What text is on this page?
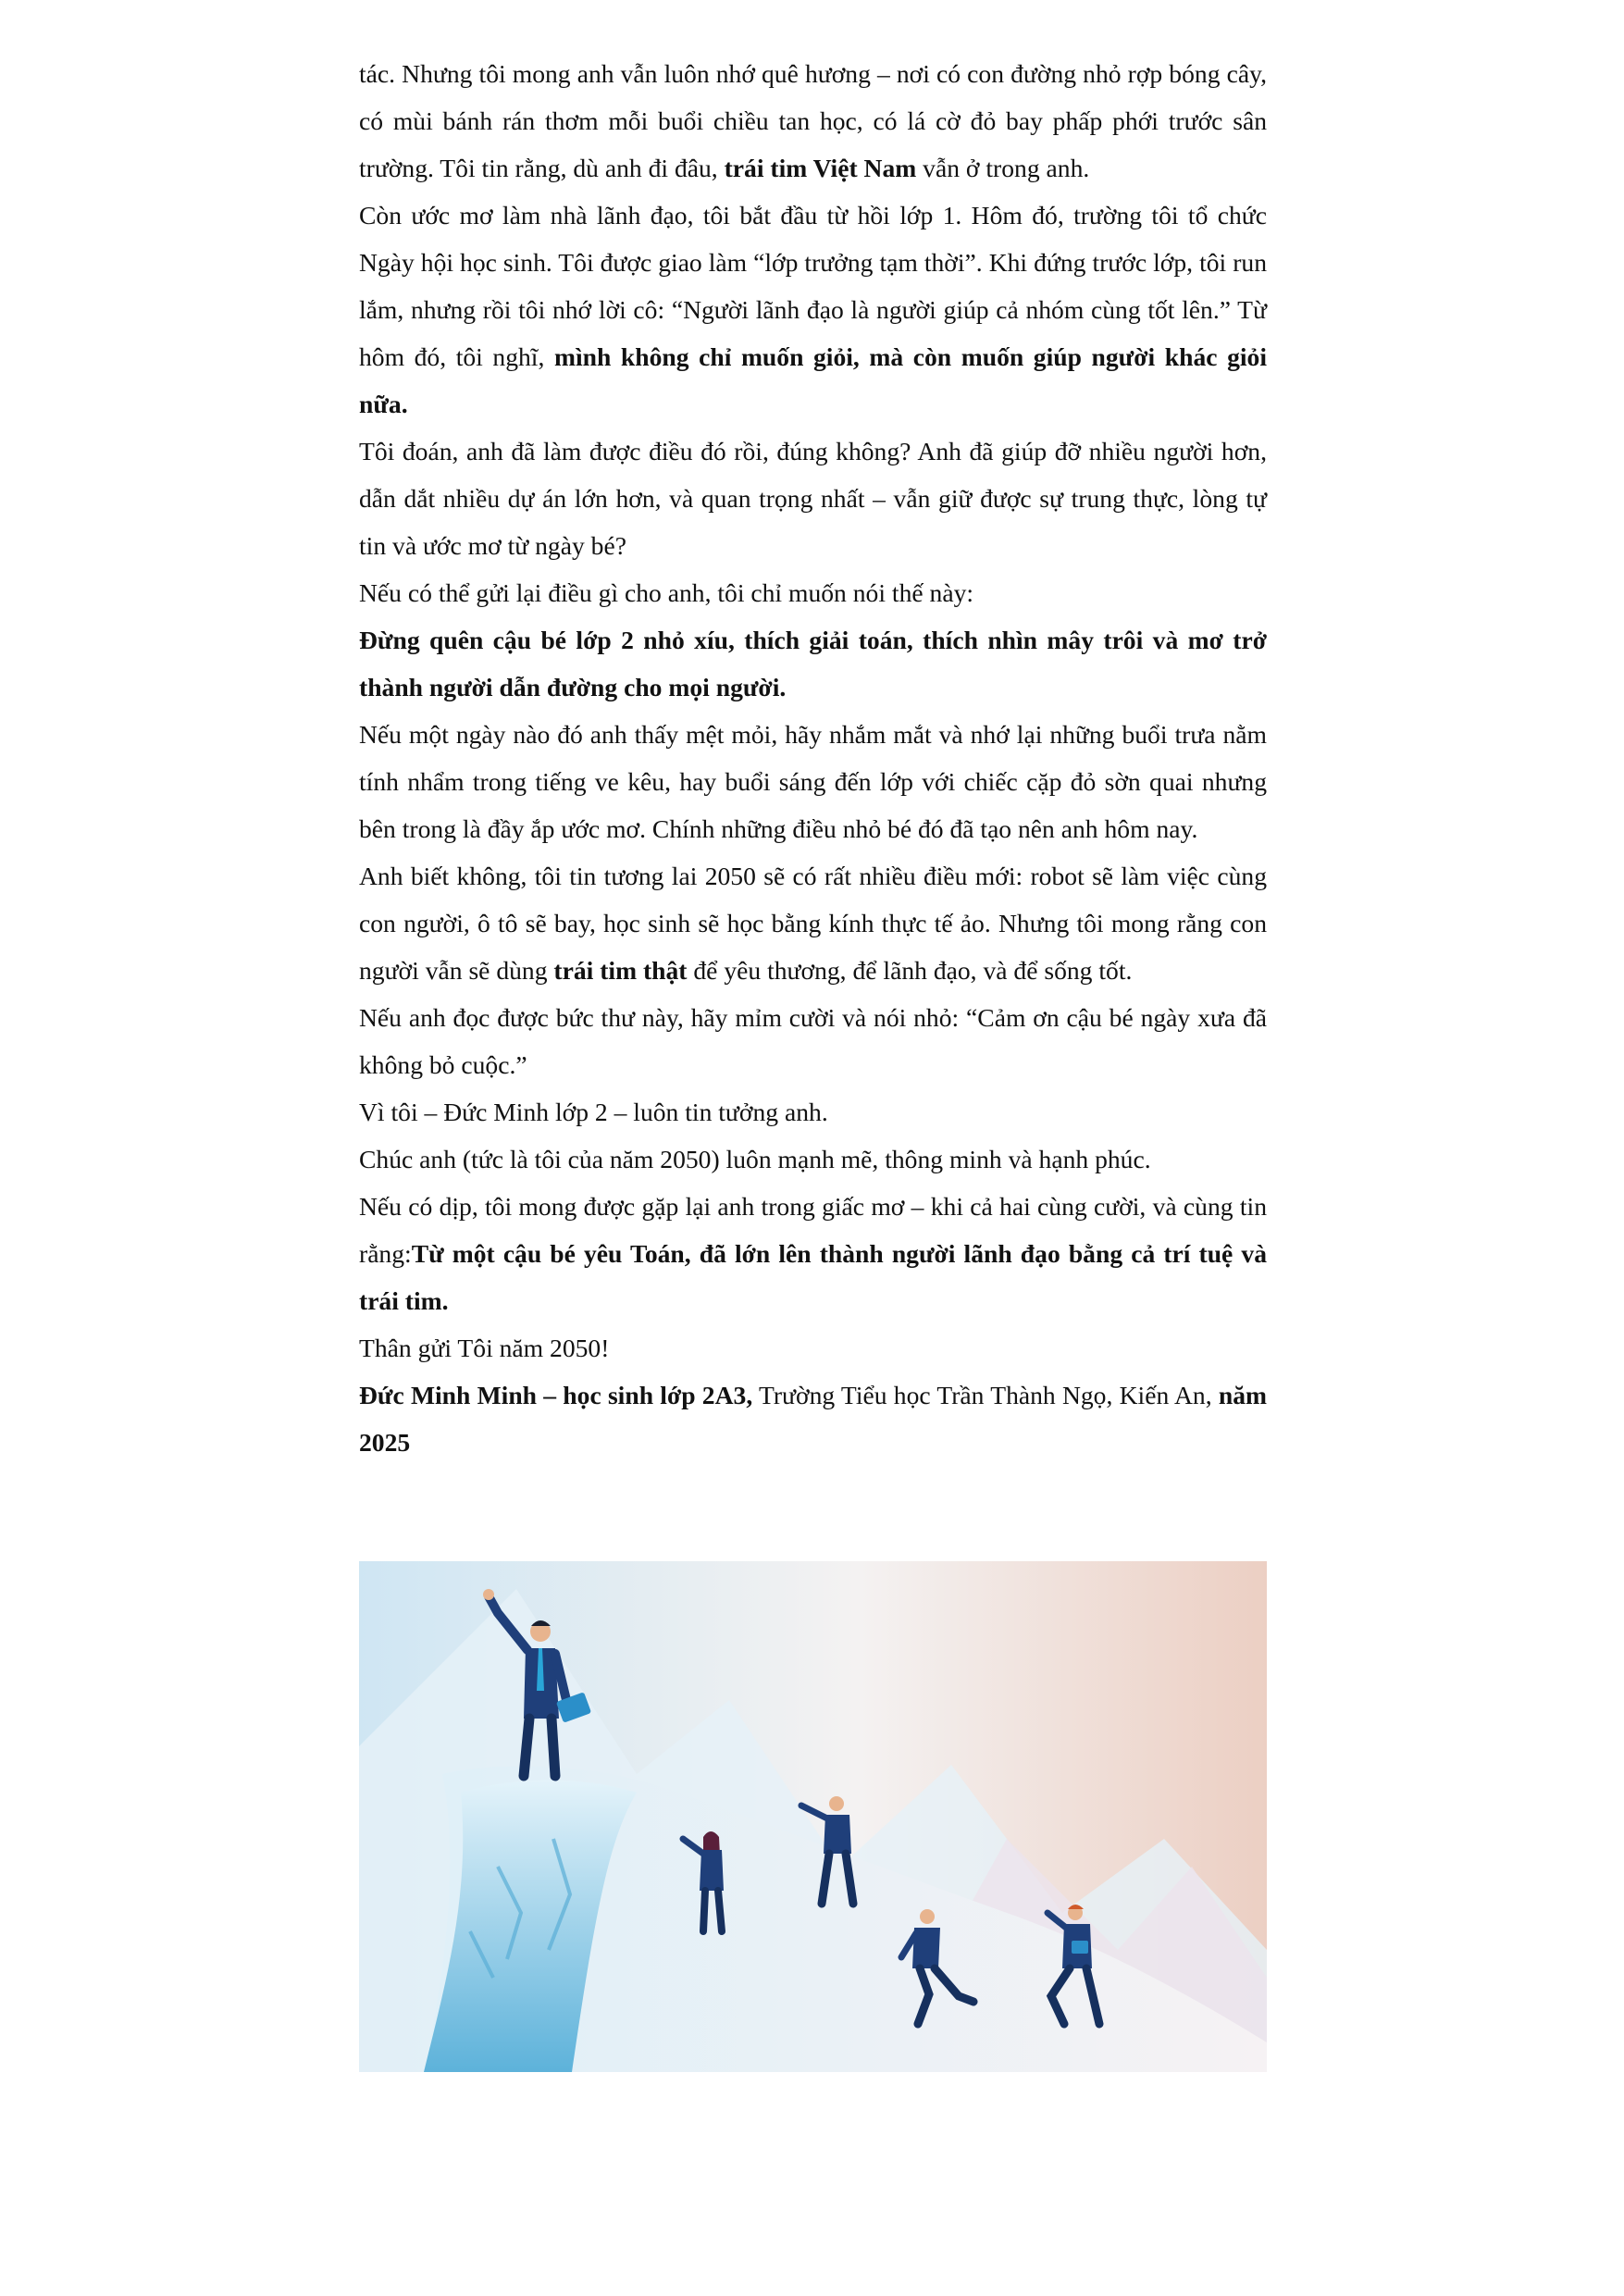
tác. Nhưng tôi mong anh vẫn luôn nhớ quê hương – nơi có con đường nhỏ rợp bóng cây, có mùi bánh rán thơm mỗi buổi chiều tan học, có lá cờ đỏ bay phấp phới trước sân trường. Tôi tin rằng, dù anh đi đâu, trái tim Việt Nam vẫn ở trong anh.

Còn ước mơ làm nhà lãnh đạo, tôi bắt đầu từ hồi lớp 1. Hôm đó, trường tôi tổ chức Ngày hội học sinh. Tôi được giao làm “lớp trưởng tạm thời”. Khi đứng trước lớp, tôi run lắm, nhưng rồi tôi nhớ lời cô: “Người lãnh đạo là người giúp cả nhóm cùng tốt lên.” Từ hôm đó, tôi nghĩ, mình không chỉ muốn giỏi, mà còn muốn giúp người khác giỏi nữa.

Tôi đoán, anh đã làm được điều đó rồi, đúng không? Anh đã giúp đỡ nhiều người hơn, dẫn dắt nhiều dự án lớn hơn, và quan trọng nhất – vẫn giữ được sự trung thực, lòng tự tin và ước mơ từ ngày bé?

Nếu có thể gửi lại điều gì cho anh, tôi chỉ muốn nói thế này:

Đừng quên cậu bé lớp 2 nhỏ xíu, thích giải toán, thích nhìn mây trôi và mơ trở thành người dẫn đường cho mọi người.

Nếu một ngày nào đó anh thấy mệt mỏi, hãy nhắm mắt và nhớ lại những buổi trưa nằm tính nhẩm trong tiếng ve kêu, hay buổi sáng đến lớp với chiếc cặp đỏ sờn quai nhưng bên trong là đầy ắp ước mơ. Chính những điều nhỏ bé đó đã tạo nên anh hôm nay.

Anh biết không, tôi tin tương lai 2050 sẽ có rất nhiều điều mới: robot sẽ làm việc cùng con người, ô tô sẽ bay, học sinh sẽ học bằng kính thực tế ảo. Nhưng tôi mong rằng con người vẫn sẽ dùng trái tim thật để yêu thương, để lãnh đạo, và để sống tốt.

Nếu anh đọc được bức thư này, hãy mỉm cười và nói nhỏ: “Cảm ơn cậu bé ngày xưa đã không bỏ cuộc.”

Vì tôi – Đức Minh lớp 2 – luôn tin tưởng anh.

Chúc anh (tức là tôi của năm 2050) luôn mạnh mẽ, thông minh và hạnh phúc.

Nếu có dịp, tôi mong được gặp lại anh trong giấc mơ – khi cả hai cùng cười, và cùng tin rằng:Từ một cậu bé yêu Toán, đã lớn lên thành người lãnh đạo bằng cả trí tuệ và trái tim.

Thân gửi Tôi năm 2050!

Đức Minh Minh – học sinh lớp 2A3, Trường Tiểu học Trần Thành Ngọ, Kiến An, năm 2025
